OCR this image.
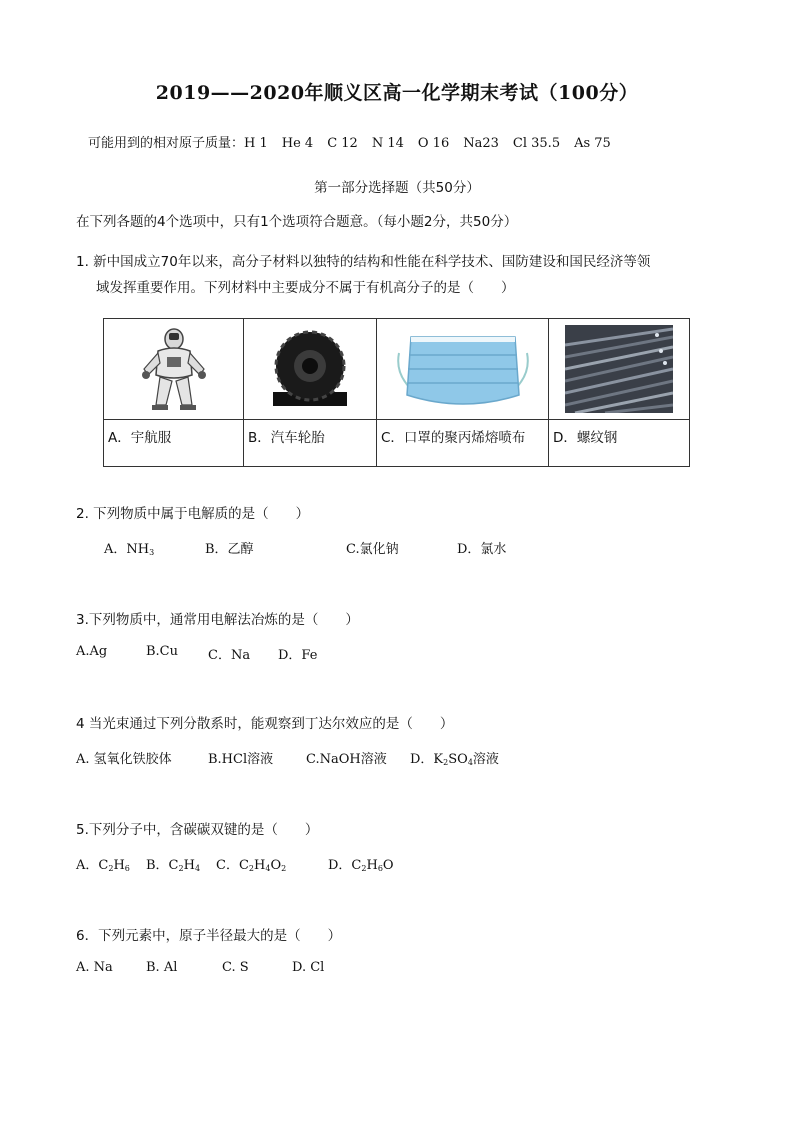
2019——2020年顺义区高一化学期末考试（100分）
可能用到的相对原子质量：H 1 He 4 C 12 N 14 O 16 Na23 Cl 35.5 As 75
第一部分选择题（共50分）
在下列各题的4个选项中，只有1个选项符合题意。（每小题2分，共50分）
1. 新中国成立70年以来，高分子材料以独特的结构和性能在科学技术、国防建设和国民经济等领
域发挥重要作用。下列材料中主要成分不属于有机高分子的是（　　）

A．宇航服	B．汽车轮胎	C．口罩的聚丙烯熔喷布	D．螺纹钢
2. 下列物质中属于电解质的是（　　）
A．$NH_3$	B．乙醇	C.氯化钠	D．氯水
3.下列物质中，通常用电解法冶炼的是（　　）
A.Ag	B.Cu C．Na D．Fe
4 当光束通过下列分散系时，能观察到丁达尔效应的是（　　）
A. 氢氧化铁胶体	B.HCl溶液	C.NaOH溶液 D．$K_2SO_4$溶液
5.下列分子中，含碳碳双键的是（　　）
A．$C_2H_6$ B．$C_2H_4$ C．$C_2H_4O_2$	D．$C_2H_6O$
6．下列元素中，原子半径最大的是（　　）
A. Na	B. Al	C. S	D. Cl
